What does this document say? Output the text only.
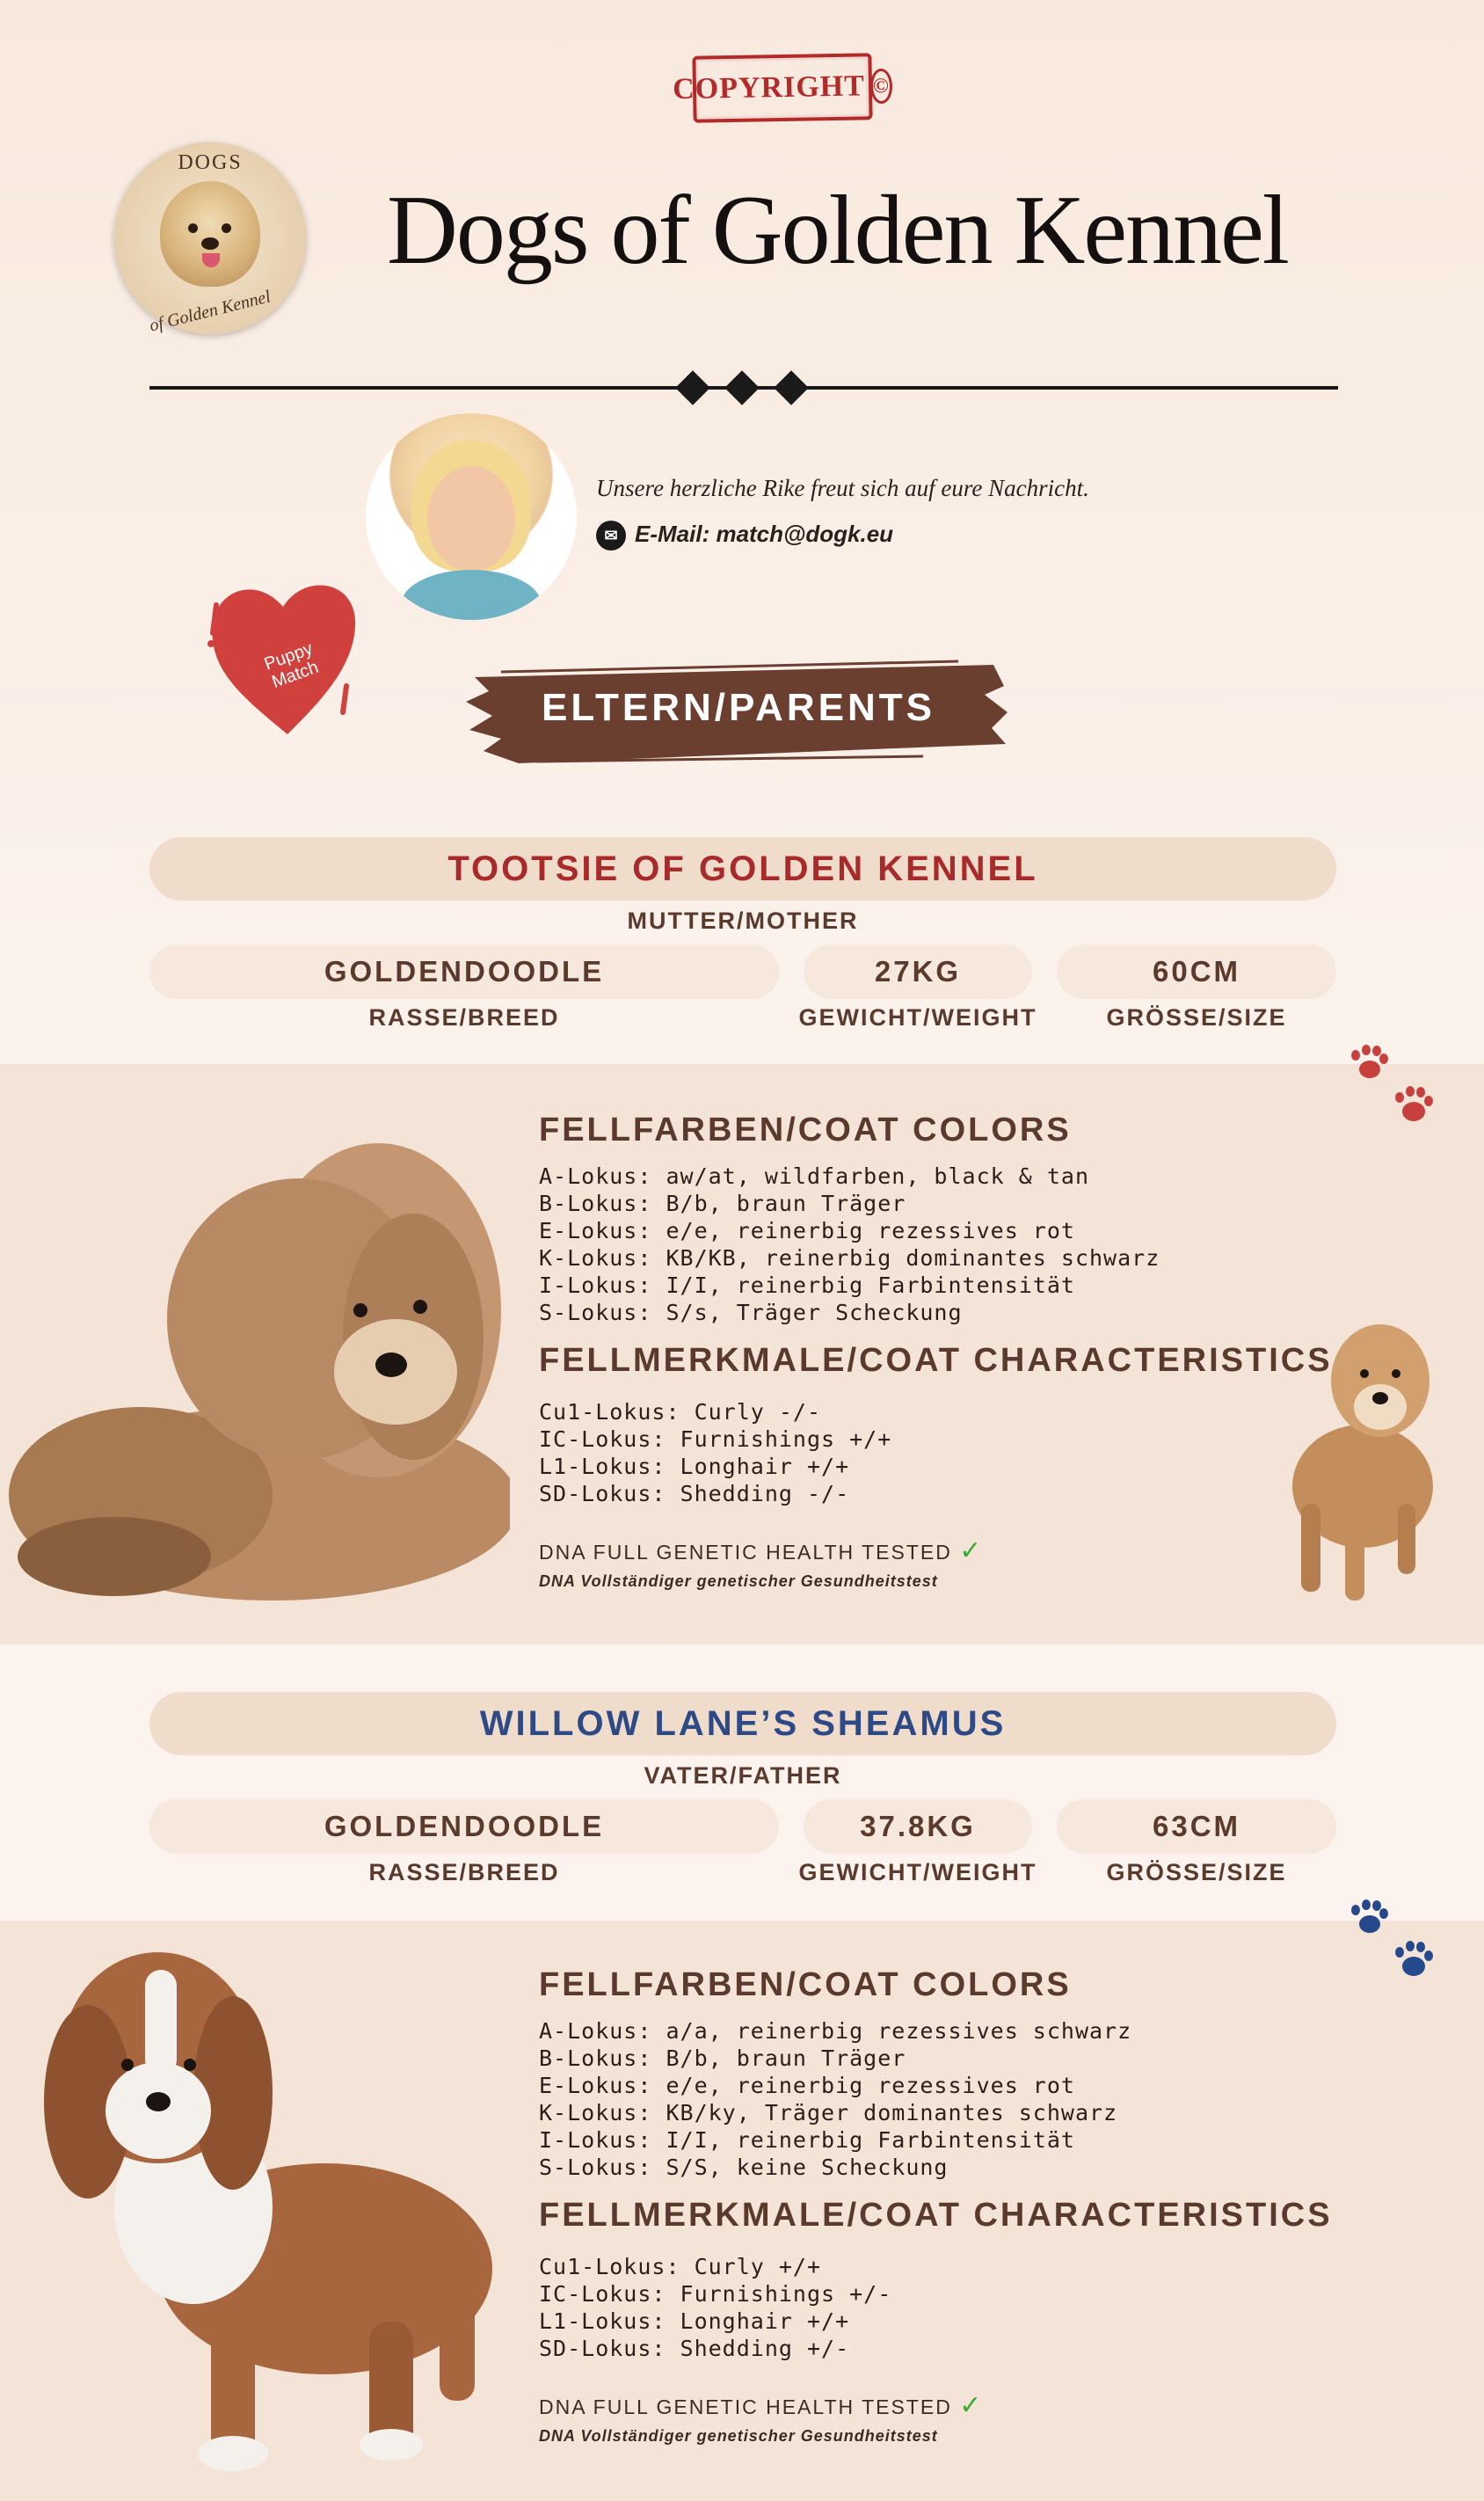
COPYRIGHT ©
DOGS
of Golden Kennel
Dogs of Golden Kennel
Unsere herzliche Rike freut sich auf eure Nachricht.
✉ E-Mail: match@dogk.eu
Puppy Match
ELTERN/PARENTS
TOOTSIE OF GOLDEN KENNEL
MUTTER/MOTHER
GOLDENDOODLE	27KG	60CM
RASSE/BREED	GEWICHT/WEIGHT	GRÖSSE/SIZE
FELLFARBEN/COAT COLORS
A-Lokus: aw/at, wildfarben, black & tan
B-Lokus: B/b, braun Träger
E-Lokus: e/e, reinerbig rezessives rot
K-Lokus: KB/KB, reinerbig dominantes schwarz
I-Lokus: I/I, reinerbig Farbintensität
S-Lokus: S/s, Träger Scheckung
FELLMERKMALE/COAT CHARACTERISTICS
Cu1-Lokus: Curly -/-
IC-Lokus: Furnishings +/+
L1-Lokus: Longhair +/+
SD-Lokus: Shedding -/-
DNA FULL GENETIC HEALTH TESTED ✓
DNA Vollständiger genetischer Gesundheitstest
WILLOW LANE’S SHEAMUS
VATER/FATHER
GOLDENDOODLE	37.8KG	63CM
RASSE/BREED	GEWICHT/WEIGHT	GRÖSSE/SIZE
FELLFARBEN/COAT COLORS
A-Lokus: a/a, reinerbig rezessives schwarz
B-Lokus: B/b, braun Träger
E-Lokus: e/e, reinerbig rezessives rot
K-Lokus: KB/ky, Träger dominantes schwarz
I-Lokus: I/I, reinerbig Farbintensität
S-Lokus: S/S, keine Scheckung
FELLMERKMALE/COAT CHARACTERISTICS
Cu1-Lokus: Curly +/+
IC-Lokus: Furnishings +/-
L1-Lokus: Longhair +/+
SD-Lokus: Shedding +/-
DNA FULL GENETIC HEALTH TESTED ✓
DNA Vollständiger genetischer Gesundheitstest
